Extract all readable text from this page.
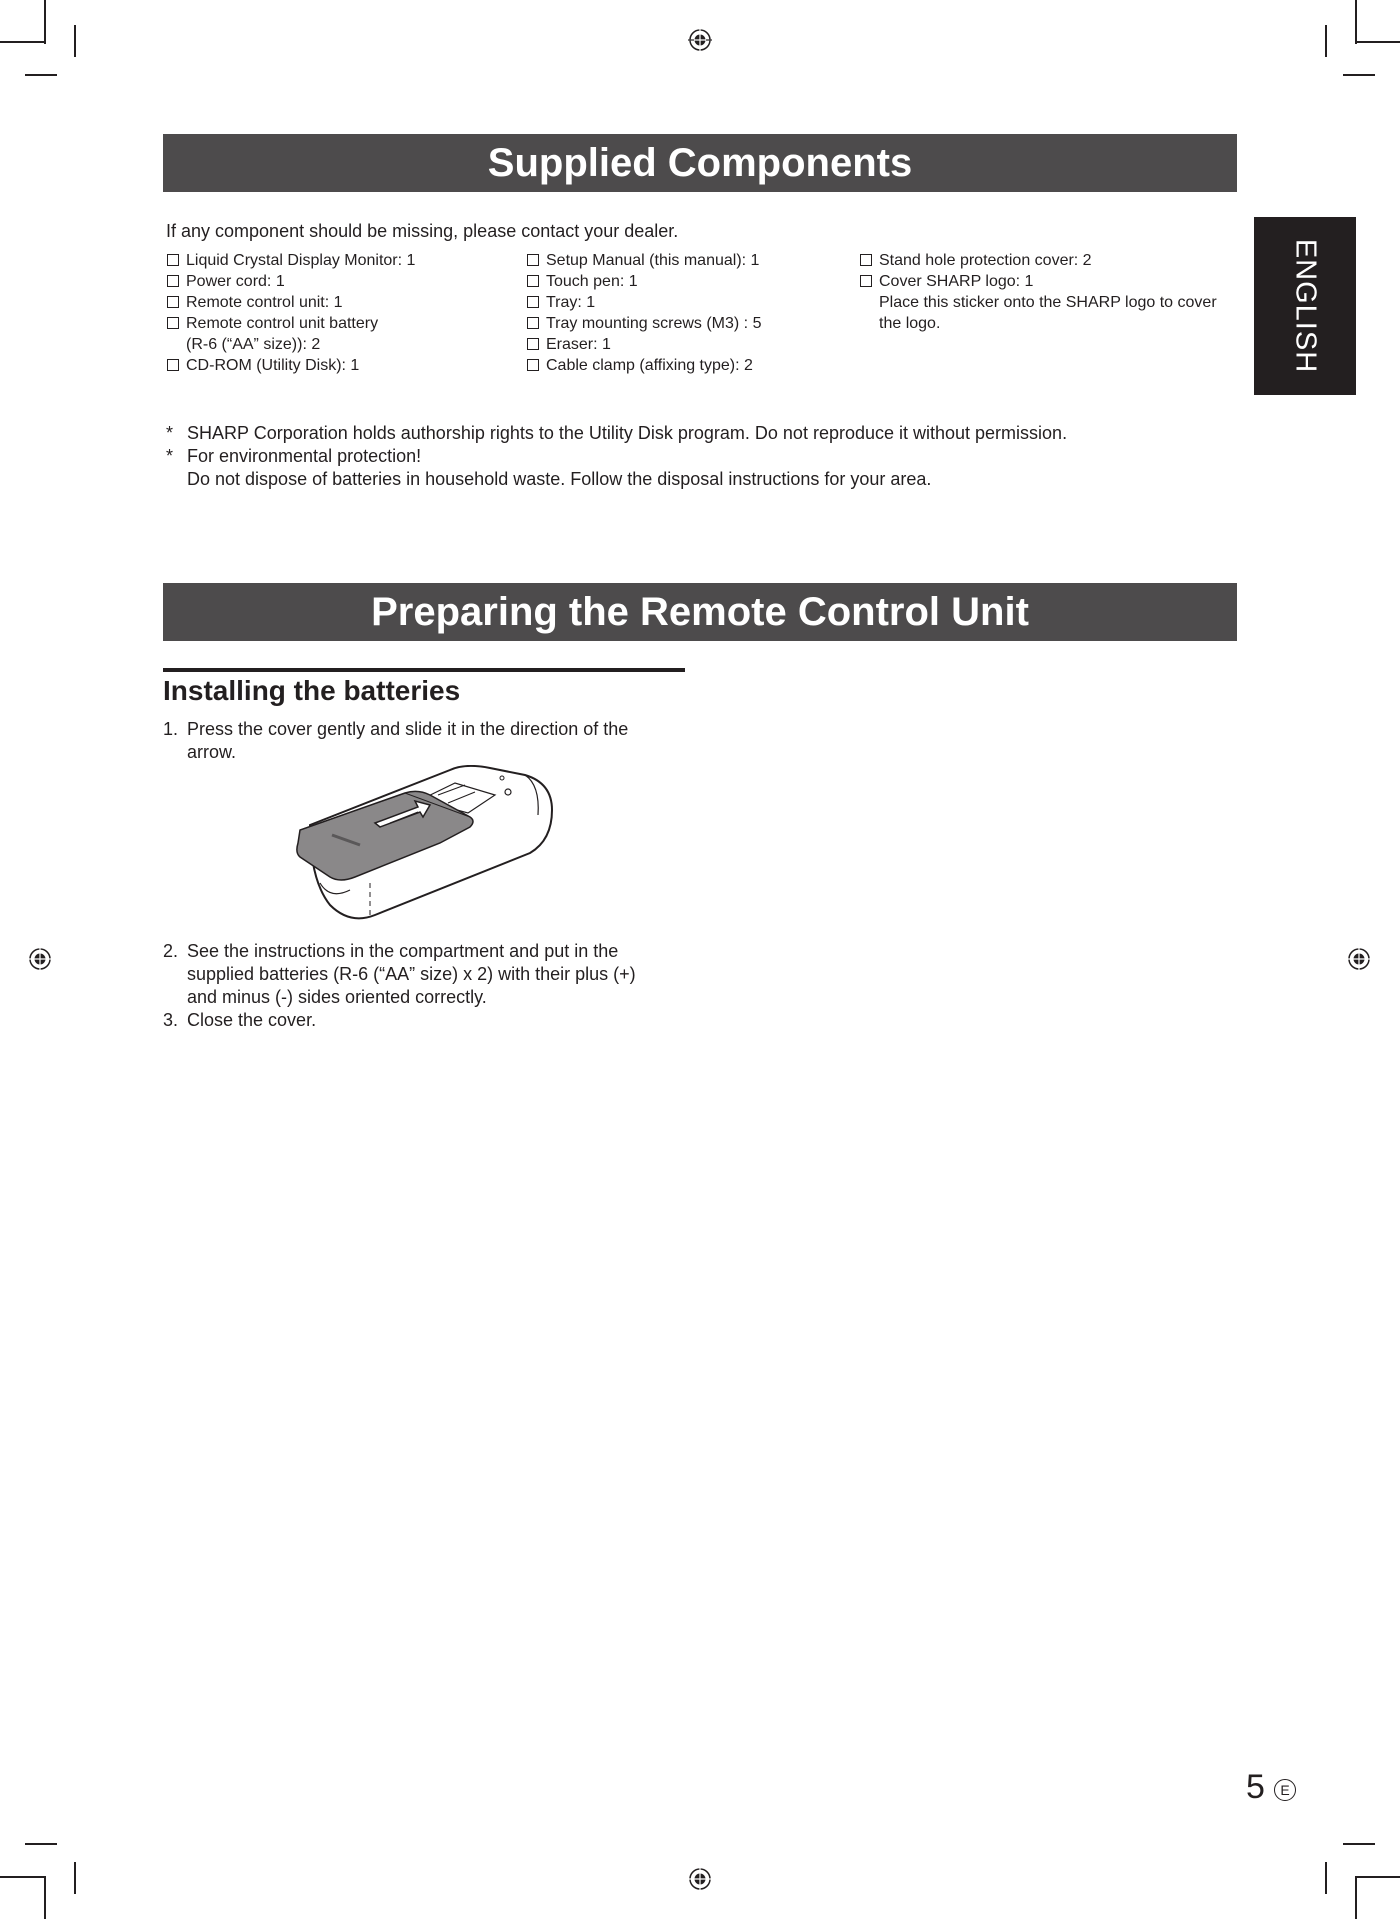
ENGLISH
Supplied Components
If any component should be missing, please contact your dealer.
Liquid Crystal Display Monitor: 1
Power cord: 1
Remote control unit: 1
Remote control unit battery
(R-6 (“AA” size)): 2
CD-ROM (Utility Disk): 1
Setup Manual (this manual): 1
Touch pen: 1
Tray: 1
Tray mounting screws (M3) : 5
Eraser: 1
Cable clamp (affixing type): 2
Stand hole protection cover: 2
Cover SHARP logo: 1
Place this sticker onto the SHARP logo to cover
the logo.
* SHARP Corporation holds authorship rights to the Utility Disk program. Do not reproduce it without permission.
* For environmental protection!
Do not dispose of batteries in household waste. Follow the disposal instructions for your area.
Preparing the Remote Control Unit
Installing the batteries
1. Press the cover gently and slide it in the direction of the
arrow.
2. See the instructions in the compartment and put in the
supplied batteries (R-6 (“AA” size) x 2) with their plus (+)
and minus (-) sides oriented correctly.
3. Close the cover.
5	E
